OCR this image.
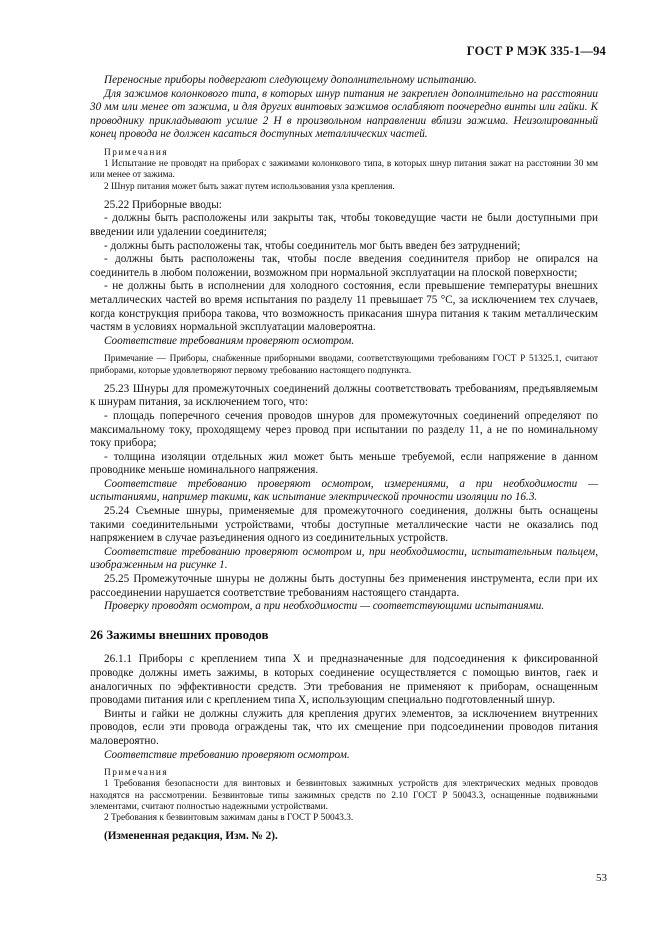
ГОСТ Р МЭК 335-1—94

Переносные приборы подвергают следующему дополнительному испытанию.

Для зажимов колонкового типа, в которых шнур питания не закреплен дополнительно на расстоянии 30 мм или менее от зажима, и для других винтовых зажимов ослабляют поочередно винты или гайки. К проводнику прикладывают усилие 2 Н в произвольном направлении вблизи зажима. Неизолированный конец провода не должен касаться доступных металлических частей.

Примечания

1 Испытание не проводят на приборах с зажимами колонкового типа, в которых шнур питания зажат на расстоянии 30 мм или менее от зажима.

2 Шнур питания может быть зажат путем использования узла крепления.

25.22 Приборные вводы:

- должны быть расположены или закрыты так, чтобы токоведущие части не были доступными при введении или удалении соединителя;

- должны быть расположены так, чтобы соединитель мог быть введен без затруднений;

- должны быть расположены так, чтобы после введения соединителя прибор не опирался на соединитель в любом положении, возможном при нормальной эксплуатации на плоской поверхности;

- не должны быть в исполнении для холодного состояния, если превышение температуры внешних металлических частей во время испытания по разделу 11 превышает 75 °С, за исключением тех случаев, когда конструкция прибора такова, что возможность прикасания шнура питания к таким металлическим частям в условиях нормальной эксплуатации маловероятна.

Соответствие требованиям проверяют осмотром.

Примечание — Приборы, снабженные приборными вводами, соответствующими требованиям ГОСТ Р 51325.1, считают приборами, которые удовлетворяют первому требованию настоящего подпункта.

25.23 Шнуры для промежуточных соединений должны соответствовать требованиям, предъявляемым к шнурам питания, за исключением того, что:

- площадь поперечного сечения проводов шнуров для промежуточных соединений определяют по максимальному току, проходящему через провод при испытании по разделу 11, а не по номинальному току прибора;

- толщина изоляции отдельных жил может быть меньше требуемой, если напряжение в данном проводнике меньше номинального напряжения.

Соответствие требованию проверяют осмотром, измерениями, а при необходимости — испытаниями, например такими, как испытание электрической прочности изоляции по 16.3.

25.24 Съемные шнуры, применяемые для промежуточного соединения, должны быть оснащены такими соединительными устройствами, чтобы доступные металлические части не оказались под напряжением в случае разъединения одного из соединительных устройств.

Соответствие требованию проверяют осмотром и, при необходимости, испытательным пальцем, изображенным на рисунке 1.

25.25 Промежуточные шнуры не должны быть доступны без применения инструмента, если при их рассоединении нарушается соответствие требованиям настоящего стандарта.

Проверку проводят осмотром, а при необходимости — соответствующими испытаниями.

26 Зажимы внешних проводов

26.1.1 Приборы с креплением типа X и предназначенные для подсоединения к фиксированной проводке должны иметь зажимы, в которых соединение осуществляется с помощью винтов, гаек и аналогичных по эффективности средств. Эти требования не применяют к приборам, оснащенным проводами питания или с креплением типа X, использующим специально подготовленный шнур.

Винты и гайки не должны служить для крепления других элементов, за исключением внутренних проводов, если эти провода ограждены так, что их смещение при подсоединении проводов питания маловероятно.

Соответствие требованию проверяют осмотром.

Примечания

1 Требования безопасности для винтовых и безвинтовых зажимных устройств для электрических медных проводов находятся на рассмотрении. Безвинтовые типы зажимных средств по 2.10 ГОСТ Р 50043.3, оснащенные подвижными элементами, считают полностью надежными устройствами.

2 Требования к безвинтовым зажимам даны в ГОСТ Р 50043.3.

(Измененная редакция, Изм. № 2).

53
